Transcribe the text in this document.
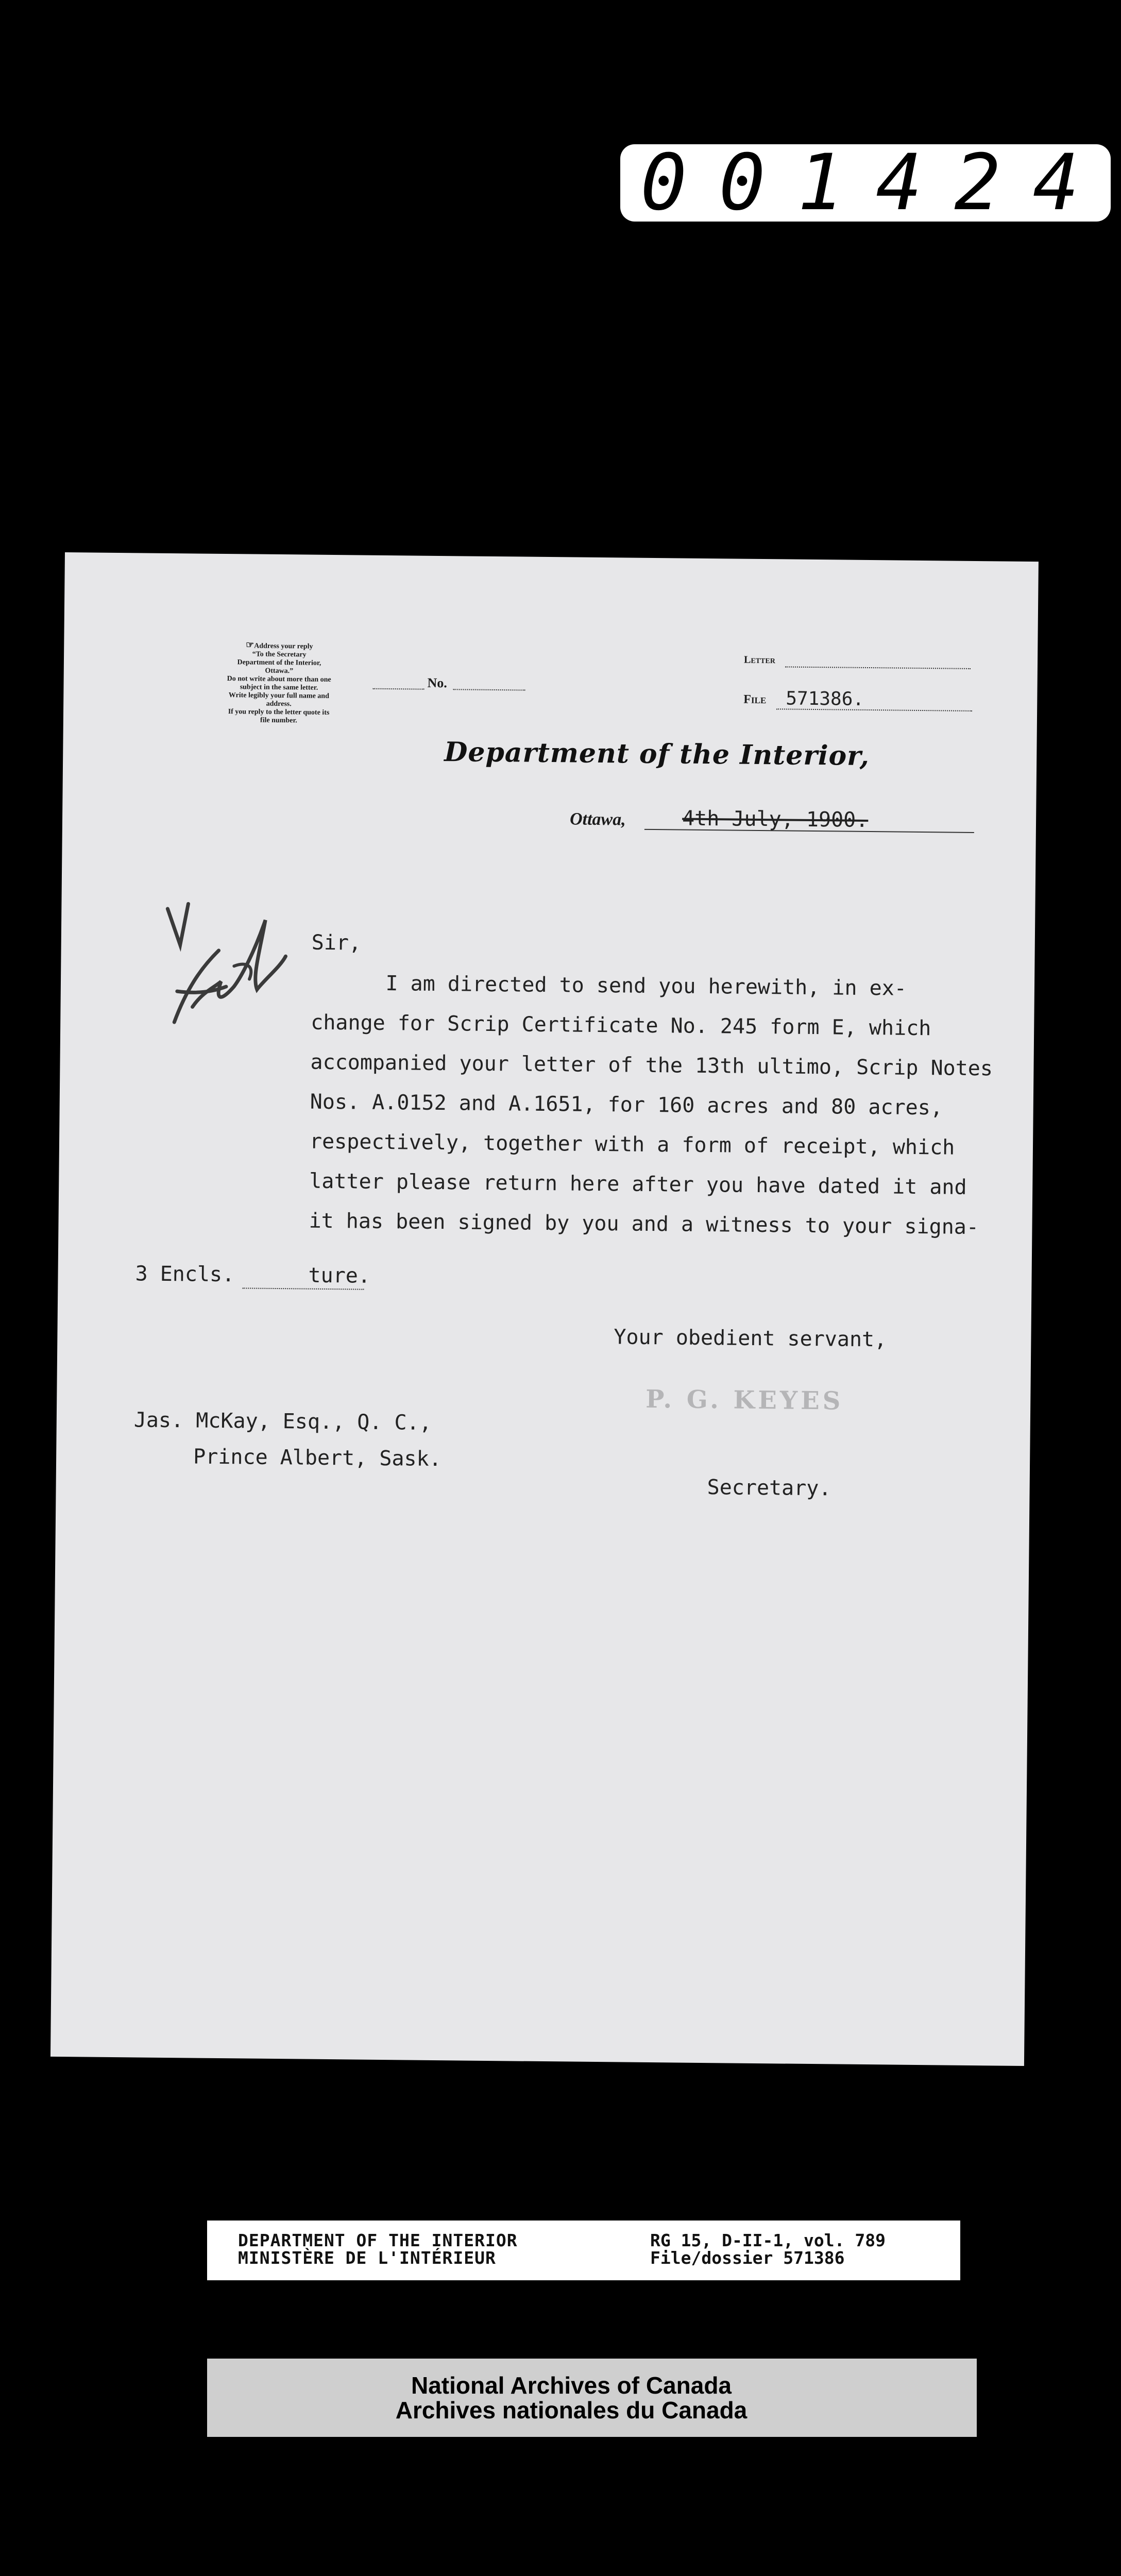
001424
☞Address your reply
“To the Secretary
Department of the Interior,
Ottawa.”
Do not write about more than one
subject in the same letter.
Write legibly your full name and
address.
If you reply to the letter quote its
file number.
No.
Letter
File 571386.
Department of the Interior,
Ottawa,	4th July, 1900.
Sir,
I am directed to send you herewith, in ex-
change for Scrip Certificate No. 245 form E, which
accompanied your letter of the 13th ultimo, Scrip Notes
Nos. A.0152 and A.1651, for 160 acres and 80 acres,
respectively, together with a form of receipt, which
latter please return here after you have dated it and
it has been signed by you and a witness to your signa-
ture.
3 Encls.
Your obedient servant,
P. G. KEYES
Jas. McKay, Esq., Q. C.,
Prince Albert, Sask.
Secretary.
DEPARTMENT OF THE INTERIOR
MINISTÈRE DE L'INTÉRIEUR
RG 15, D-II-1, vol. 789
File/dossier 571386
National Archives of Canada
Archives nationales du Canada
